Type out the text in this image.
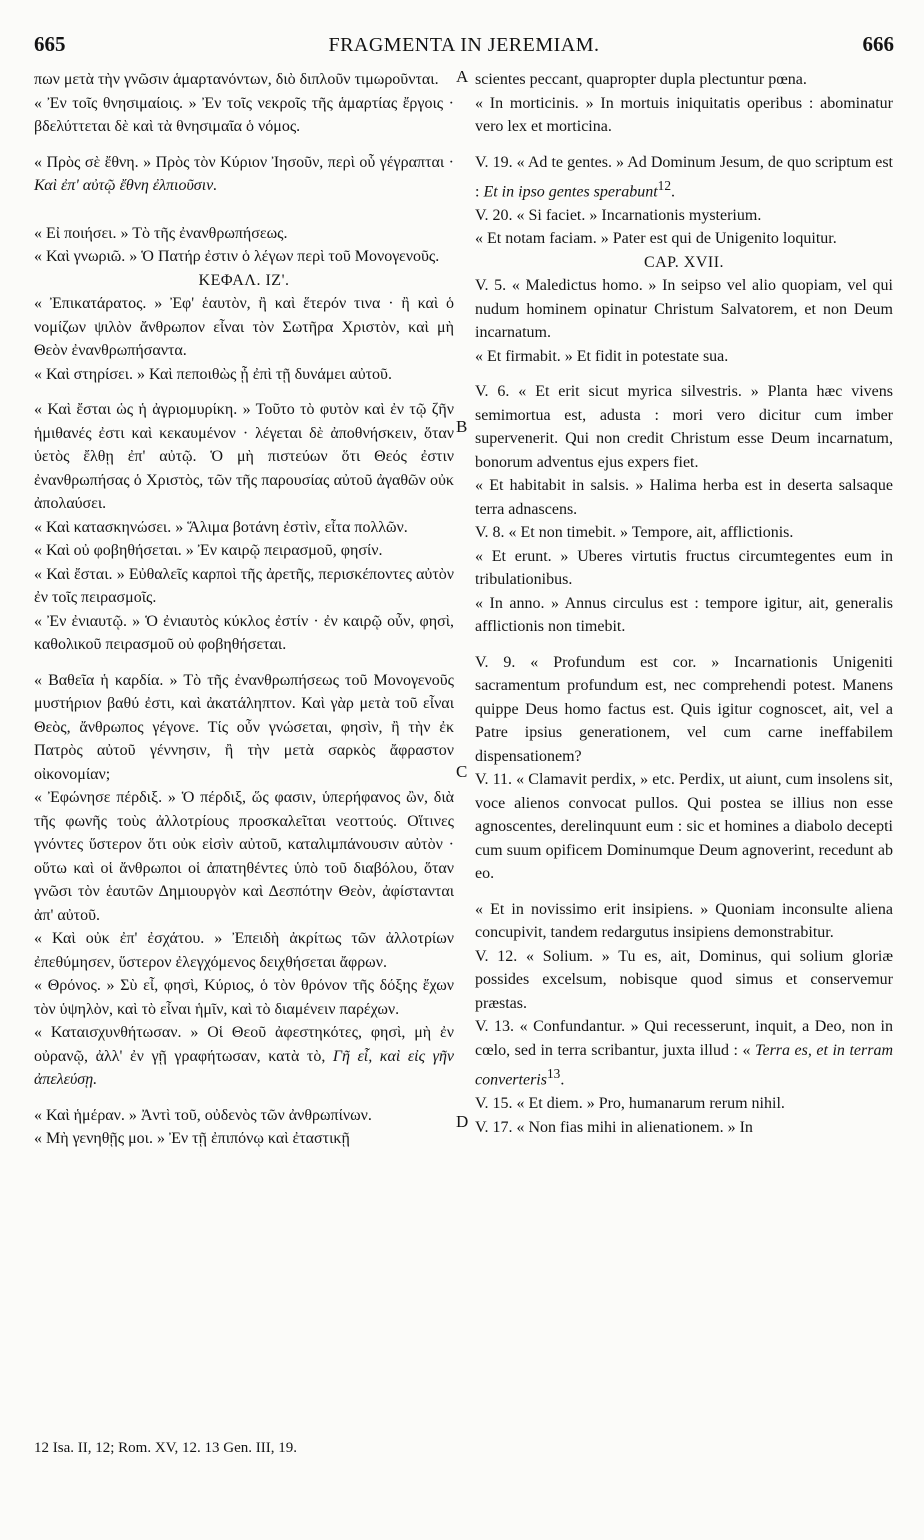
665	FRAGMENTA IN JEREMIAM.	666

πων μετὰ τὴν γνῶσιν ἁμαρτανόντων, διὸ διπλοῦν τιμωροῦνται.

« Ἐν τοῖς θνησιμαίοις. » Ἐν τοῖς νεκροῖς τῆς ἁμαρτίας ἔργοις · βδελύττεται δὲ καὶ τὰ θνησιμαῖα ὁ νόμος.

« Πρὸς σὲ ἔθνη. » Πρὸς τὸν Κύριον Ἰησοῦν, περὶ οὗ γέγραπται · Καὶ ἐπ' αὐτῷ ἔθνη ἐλπιοῦσιν.

« Εἰ ποιήσει. » Τὸ τῆς ἐνανθρωπήσεως.

« Καὶ γνωριῶ. » Ὁ Πατήρ ἐστιν ὁ λέγων περὶ τοῦ Μονογενοῦς.

ΚΕΦΑΛ. ΙΖ'.

« Ἐπικατάρατος. » Ἐφ' ἑαυτὸν, ἢ καὶ ἕτερόν τινα · ἢ καὶ ὁ νομίζων ψιλὸν ἄνθρωπον εἶναι τὸν Σωτῆρα Χριστὸν, καὶ μὴ Θεὸν ἐνανθρωπήσαντα.

« Καὶ στηρίσει. » Καὶ πεποιθὼς ᾖ ἐπὶ τῇ δυνάμει αὐτοῦ.

« Καὶ ἔσται ὡς ἡ ἀγριομυρίκη. » Τοῦτο τὸ φυτὸν καὶ ἐν τῷ ζῆν ἡμιθανές ἐστι καὶ κεκαυμένον · λέγεται δὲ ἀποθνήσκειν, ὅταν ὑετὸς ἔλθῃ ἐπ' αὐτῷ. Ὁ μὴ πιστεύων ὅτι Θεός ἐστιν ἐνανθρωπήσας ὁ Χριστὸς, τῶν τῆς παρουσίας αὐτοῦ ἀγαθῶν οὐκ ἀπολαύσει.

« Καὶ κατασκηνώσει. » Ἅλιμα βοτάνη ἐστὶν, εἶτα πολλῶν.

« Καὶ οὐ φοβηθήσεται. » Ἐν καιρῷ πειρασμοῦ, φησίν.

« Καὶ ἔσται. » Εὐθαλεῖς καρποὶ τῆς ἀρετῆς, περισκέποντες αὐτὸν ἐν τοῖς πειρασμοῖς.

« Ἐν ἐνιαυτῷ. » Ὁ ἐνιαυτὸς κύκλος ἐστίν · ἐν καιρῷ οὖν, φησὶ, καθολικοῦ πειρασμοῦ οὐ φοβηθήσεται.

« Βαθεῖα ἡ καρδία. » Τὸ τῆς ἐνανθρωπήσεως τοῦ Μονογενοῦς μυστήριον βαθύ ἐστι, καὶ ἀκατάληπτον. Καὶ γὰρ μετὰ τοῦ εἶναι Θεὸς, ἄνθρωπος γέγονε. Τίς οὖν γνώσεται, φησὶν, ἢ τὴν ἐκ Πατρὸς αὐτοῦ γέννησιν, ἢ τὴν μετὰ σαρκὸς ἄφραστον οἰκονομίαν;

« Ἐφώνησε πέρδιξ. » Ὁ πέρδιξ, ὥς φασιν, ὑπερήφανος ὢν, διὰ τῆς φωνῆς τοὺς ἀλλοτρίους προσκαλεῖται νεοττούς. Οἵτινες γνόντες ὕστερον ὅτι οὐκ εἰσὶν αὐτοῦ, καταλιμπάνουσιν αὐτὸν · οὕτω καὶ οἱ ἄνθρωποι οἱ ἀπατηθέντες ὑπὸ τοῦ διαβόλου, ὅταν γνῶσι τὸν ἑαυτῶν Δημιουργὸν καὶ Δεσπότην Θεὸν, ἀφίστανται ἀπ' αὐτοῦ.

« Καὶ οὐκ ἐπ' ἐσχάτου. » Ἐπειδὴ ἀκρίτως τῶν ἀλλοτρίων ἐπεθύμησεν, ὕστερον ἐλεγχόμενος δειχθήσεται ἄφρων.

« Θρόνος. » Σὺ εἶ, φησὶ, Κύριος, ὁ τὸν θρόνον τῆς δόξης ἔχων τὸν ὑψηλὸν, καὶ τὸ εἶναι ἡμῖν, καὶ τὸ διαμένειν παρέχων.

« Καταισχυνθήτωσαν. » Οἱ Θεοῦ ἀφεστηκότες, φησὶ, μὴ ἐν οὐρανῷ, ἀλλ' ἐν γῇ γραφήτωσαν, κατὰ τὸ, Γῆ εἶ, καὶ εἰς γῆν ἀπελεύσῃ.

« Καὶ ἡμέραν. » Ἀντὶ τοῦ, οὐδενὸς τῶν ἀνθρωπίνων.

« Μὴ γενηθῇς μοι. » Ἐν τῇ ἐπιπόνῳ καὶ ἐταστικῇ

scientes peccant, quapropter dupla plectuntur pœna.

« In morticinis. » In mortuis iniquitatis operibus : abominatur vero lex et morticina.

V. 19. « Ad te gentes. » Ad Dominum Jesum, de quo scriptum est : Et in ipso gentes sperabunt$^{12}$.

V. 20. « Si faciet. » Incarnationis mysterium.

« Et notam faciam. » Pater est qui de Unigenito loquitur.

CAP. XVII.

V. 5. « Maledictus homo. » In seipso vel alio quopiam, vel qui nudum hominem opinatur Christum Salvatorem, et non Deum incarnatum.

« Et firmabit. » Et fidit in potestate sua.

V. 6. « Et erit sicut myrica silvestris. » Planta hæc vivens semimortua est, adusta : mori vero dicitur cum imber supervenerit. Qui non credit Christum esse Deum incarnatum, bonorum adventus ejus expers fiet.

« Et habitabit in salsis. » Halima herba est in deserta salsaque terra adnascens.

V. 8. « Et non timebit. » Tempore, ait, afflictionis.

« Et erunt. » Uberes virtutis fructus circumtegentes eum in tribulationibus.

« In anno. » Annus circulus est : tempore igitur, ait, generalis afflictionis non timebit.

V. 9. « Profundum est cor. » Incarnationis Unigeniti sacramentum profundum est, nec comprehendi potest. Manens quippe Deus homo factus est. Quis igitur cognoscet, ait, vel a Patre ipsius generationem, vel cum carne ineffabilem dispensationem?

V. 11. « Clamavit perdix, » etc. Perdix, ut aiunt, cum insolens sit, voce alienos convocat pullos. Qui postea se illius non esse agnoscentes, derelinquunt eum : sic et homines a diabolo decepti cum suum opificem Dominumque Deum agnoverint, recedunt ab eo.

« Et in novissimo erit insipiens. » Quoniam inconsulte aliena concupivit, tandem redargutus insipiens demonstrabitur.

V. 12. « Solium. » Tu es, ait, Dominus, qui solium gloriæ possides excelsum, nobisque quod simus et conservemur præstas.

V. 13. « Confundantur. » Qui recesserunt, inquit, a Deo, non in cœlo, sed in terra scribantur, juxta illud : « Terra es, et in terram converteris$^{13}$.

V. 15. « Et diem. » Pro, humanarum rerum nihil.

V. 17. « Non fias mihi in alienationem. » In

A
B
C
D
12 Isa. II, 12; Rom. XV, 12. 13 Gen. III, 19.
